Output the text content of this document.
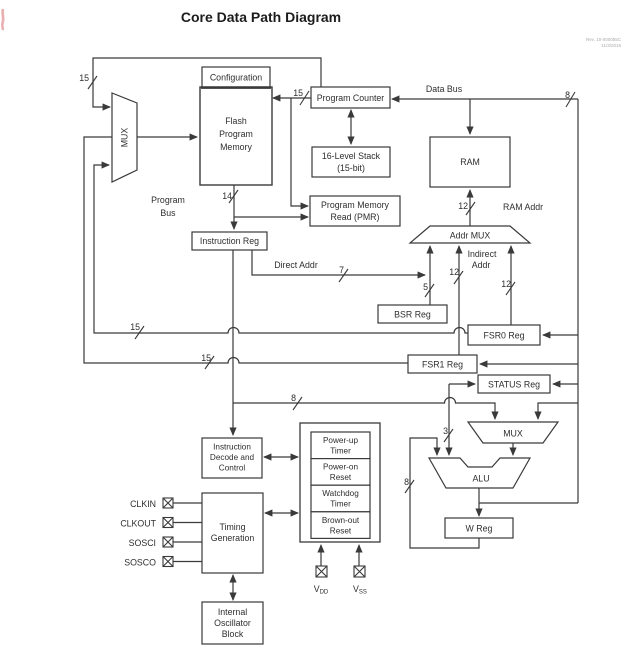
Core Data Path Diagram
Rev. 10-000055C
11/3/2016
Configuration
Flash
Program
Memory
Program Counter
16-Level Stack
(15-bit)
RAM
Program Memory
Read (PMR)
Instruction Reg
Addr MUX
BSR Reg
FSR0 Reg
FSR1 Reg
STATUS Reg
MUX
MUX
ALU
W Reg
Instruction
Decode and
Control
Power-up
Timer
Power-on
Reset
Watchdog
Timer
Brown-out
Reset
Timing
Generation
Internal
Oscillator
Block
Data Bus
Program
Bus
RAM Addr
Direct Addr
Indirect
Addr
15
15	8
14
12
7
5
12
12
15
15
8
3
8
CLKIN
CLKOUT
SOSCI
SOSCO
VDD	VSS
